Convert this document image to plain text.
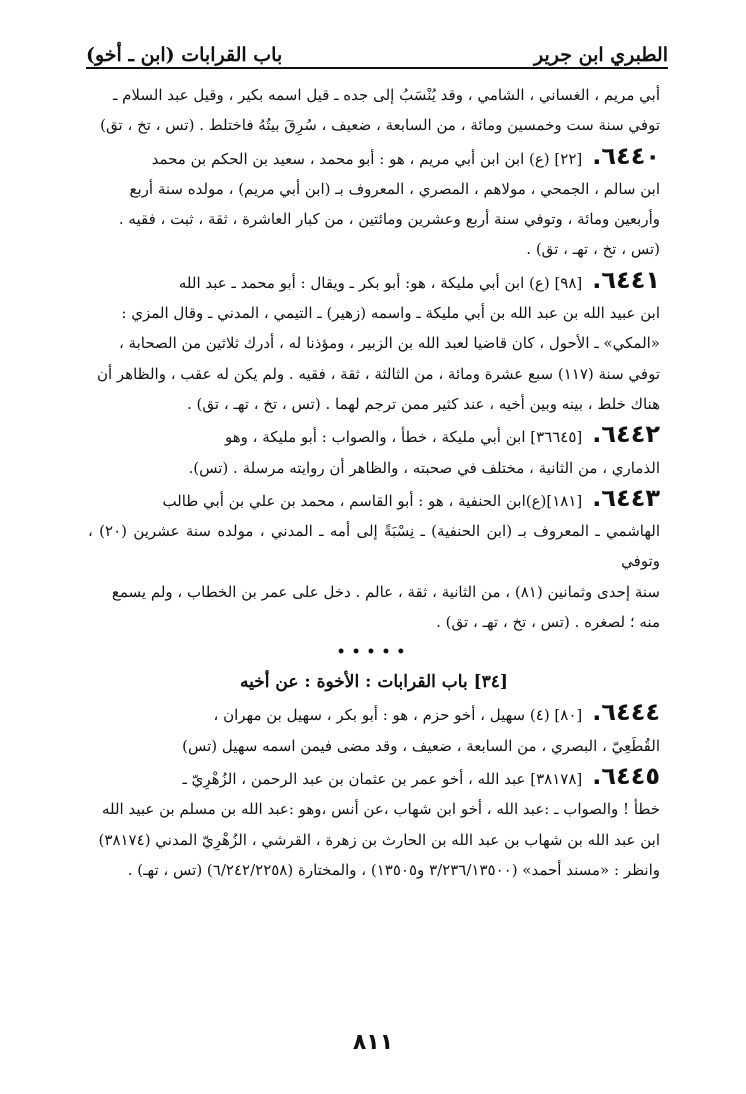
الطبري ابن جرير
باب القرابات (ابن ـ أخو)

أبي مريم ، الغساني ، الشامي ، وقد يُنْسَبُ إلى جده ـ قيل اسمه بكير ، وقيل عبد السلام ـ
توفي سنة ست وخمسين ومائة ، من السابعة ، ضعيف ، سُرِقَ بيتُهُ فاختلط . (تس ، تخ ، تق)

٦٤٤٠.[٢٢] (ع) ابن ابن أبي مريم ، هو : أبو محمد ، سعيد بن الحكم بن محمد
ابن سالم ، الجمحي ، مولاهم ، المصري ، المعروف بـ (ابن أبي مريم) ، مولده سنة أربع
وأربعين ومائة ، وتوفي سنة أربع وعشرين ومائتين ، من كبار العاشرة ، ثقة ، ثبت ، فقيه .
(تس ، تخ ، تهـ ، تق) .

٦٤٤١.[٩٨] (ع) ابن أبي مليكة ، هو: أبو بكر ـ ويقال : أبو محمد ـ عبد الله
ابن عبيد الله بن عبد الله بن أبي مليكة ـ واسمه (زهير) ـ التيمي ، المدني ـ وقال المزي :
«المكي» ـ الأحول ، كان قاضيا لعبد الله بن الزبير ، ومؤذنا له ، أدرك ثلاثين من الصحابة ،
توفي سنة (١١٧) سبع عشرة ومائة ، من الثالثة ، ثقة ، فقيه . ولم يكن له عقب ، والظاهر أن
هناك خلط ، بينه وبين أخيه ، عند كثير ممن ترجم لهما . (تس ، تخ ، تهـ ، تق) .

٦٤٤٢.[٣٦٦٤٥] ابن أبي مليكة ، خطأ ، والصواب : أبو مليكة ، وهو
الذماري ، من الثانية ، مختلف في صحبته ، والظاهر أن روايته مرسلة . (تس).

٦٤٤٣.[١٨١](ع)ابن الحنفية ، هو : أبو القاسم ، محمد بن علي بن أبي طالب
الهاشمي ـ المعروف بـ (ابن الحنفية) ـ نِسْبَةً إلى أمه ـ المدني ، مولده سنة عشرين (٢٠) ، وتوفي
سنة إحدى وثمانين (٨١) ، من الثانية ، ثقة ، عالم . دخل على عمر بن الخطاب ، ولم يسمع
منه ؛ لصغره . (تس ، تخ ، تهـ ، تق) .

•••••
[٣٤] باب القرابات : الأخوة : عن أخيه

٦٤٤٤.[٨٠] (٤) سهيل ، أخو حزم ، هو : أبو بكر ، سهيل بن مهران ،
القُطَعِيّ ، البصري ، من السابعة ، ضعيف ، وقد مضى فيمن اسمه سهيل (تس)

٦٤٤٥.[٣٨١٧٨] عبد الله ، أخو عمر بن عثمان بن عبد الرحمن ، الزُهْرِيّ ـ
خطأ ! والصواب ـ :عبد الله ، أخو ابن شهاب ،عن أنس ،وهو :عبد الله بن مسلم بن عبيد الله
ابن عبد الله بن شهاب بن عبد الله بن الحارث بن زهرة ، القرشي ، الزُهْرِيّ المدني (٣٨١٧٤)
وانظر : «مسند أحمد» (٣/٢٣٦/١٣٥٠٠ و١٣٥٠٥) ، والمختارة (٦/٢٤٢/٢٢٥٨) (تس ، تهـ) .

٨١١
